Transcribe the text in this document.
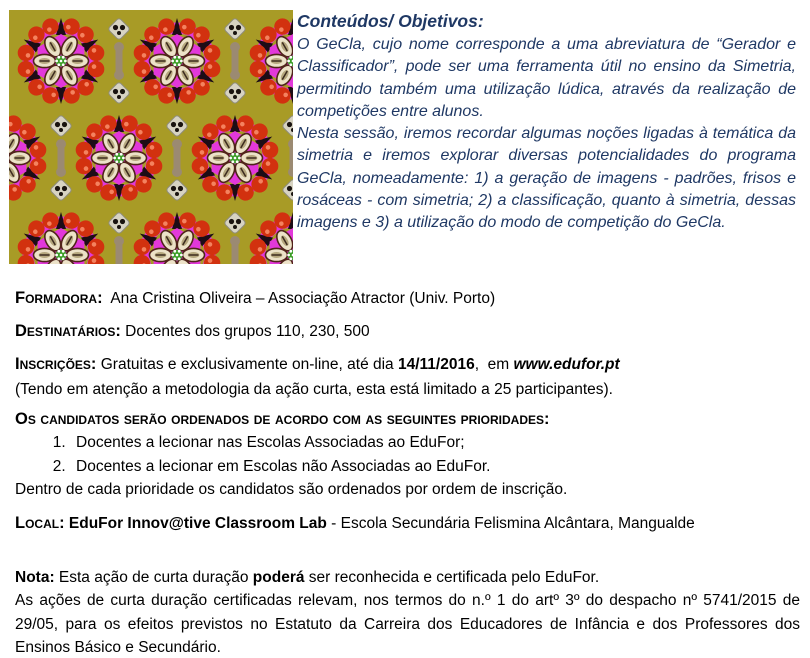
Conteúdos/ Objetivos:

O GeCla, cujo nome corresponde a uma abreviatura de “Gerador e Classificador”, pode ser uma ferramenta útil no ensino da Simetria, permitindo também uma utilização lúdica, através da realização de competições entre alunos.

Nesta sessão, iremos recordar algumas noções ligadas à temática da simetria e iremos explorar diversas potencialidades do programa GeCla, nomeadamente: 1) a geração de imagens - padrões, frisos e rosáceas - com simetria; 2) a classificação, quanto à simetria, dessas imagens e 3) a utilização do modo de competição do GeCla.

Formadora:  Ana Cristina Oliveira – Associação Atractor (Univ. Porto)
Destinatários: Docentes dos grupos 110, 230, 500
Inscrições: Gratuitas e exclusivamente on-line, até dia 14/11/2016,  em www.edufor.pt
(Tendo em atenção a metodologia da ação curta, esta está limitado a 25 participantes).
Os candidatos serão ordenados de acordo com as seguintes prioridades:
1. Docentes a lecionar nas Escolas Associadas ao EduFor;
2. Docentes a lecionar em Escolas não Associadas ao EduFor.
Dentro de cada prioridade os candidatos são ordenados por ordem de inscrição.
Local: EduFor Innov@tive Classroom Lab - Escola Secundária Felismina Alcântara, Mangualde
Nota: Esta ação de curta duração poderá ser reconhecida e certificada pelo EduFor.
As ações de curta duração certificadas relevam, nos termos do n.º 1 do artº 3º do despacho nº 5741/2015 de 29/05, para os efeitos previstos no Estatuto da Carreira dos Educadores de Infância e dos Professores dos Ensinos Básico e Secundário.
